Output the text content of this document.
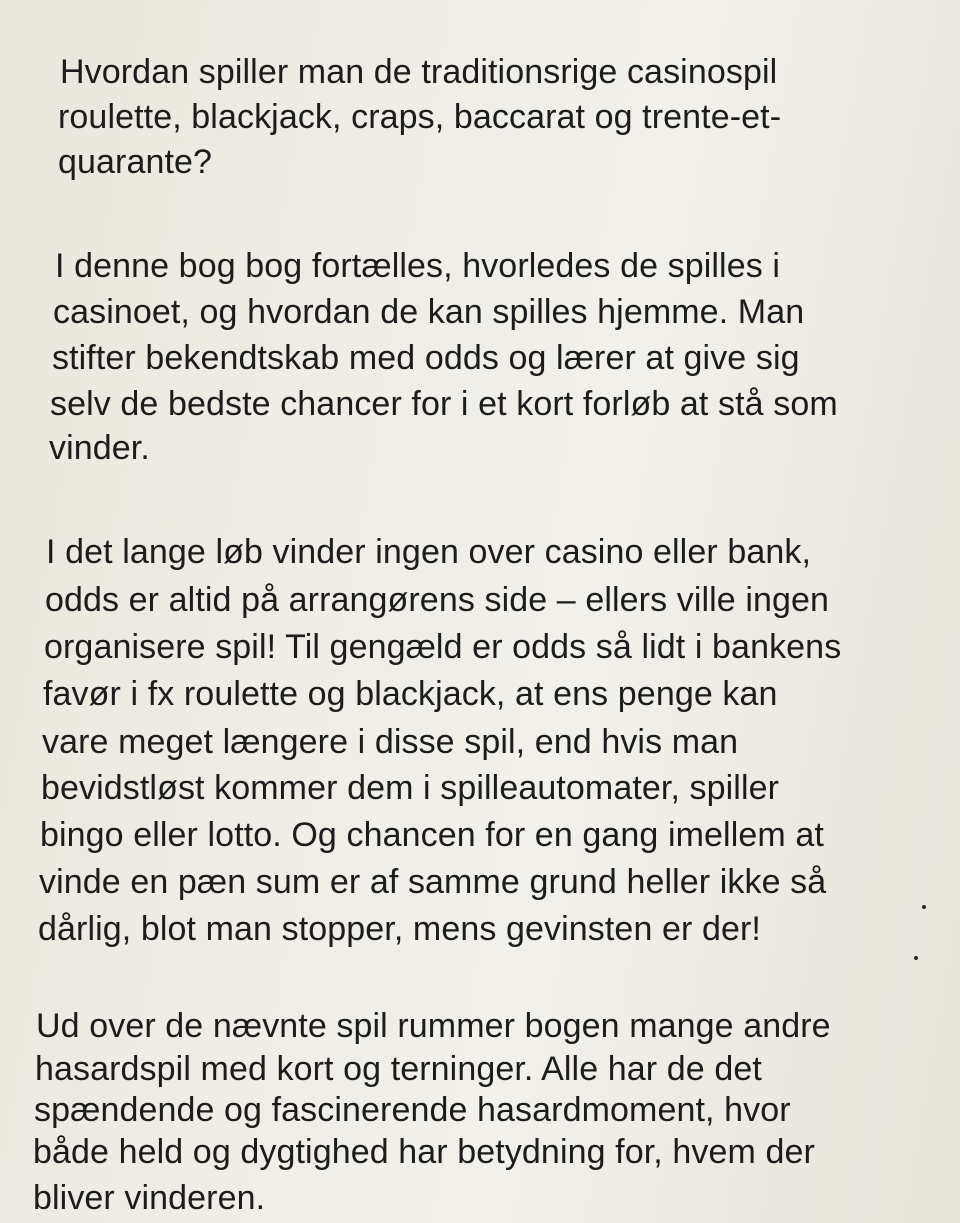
Hvordan spiller man de traditionsrige casinospil
roulette, blackjack, craps, baccarat og trente-et-
quarante?
I denne bog bog fortælles, hvorledes de spilles i
casinoet, og hvordan de kan spilles hjemme. Man
stifter bekendtskab med odds og lærer at give sig
selv de bedste chancer for i et kort forløb at stå som
vinder.
I det lange løb vinder ingen over casino eller bank,
odds er altid på arrangørens side – ellers ville ingen
organisere spil! Til gengæld er odds så lidt i bankens
favør i fx roulette og blackjack, at ens penge kan
vare meget længere i disse spil, end hvis man
bevidstløst kommer dem i spilleautomater, spiller
bingo eller lotto. Og chancen for en gang imellem at
vinde en pæn sum er af samme grund heller ikke så
dårlig, blot man stopper, mens gevinsten er der!
Ud over de nævnte spil rummer bogen mange andre
hasardspil med kort og terninger. Alle har de det
spændende og fascinerende hasardmoment, hvor
både held og dygtighed har betydning for, hvem der
bliver vinderen.
